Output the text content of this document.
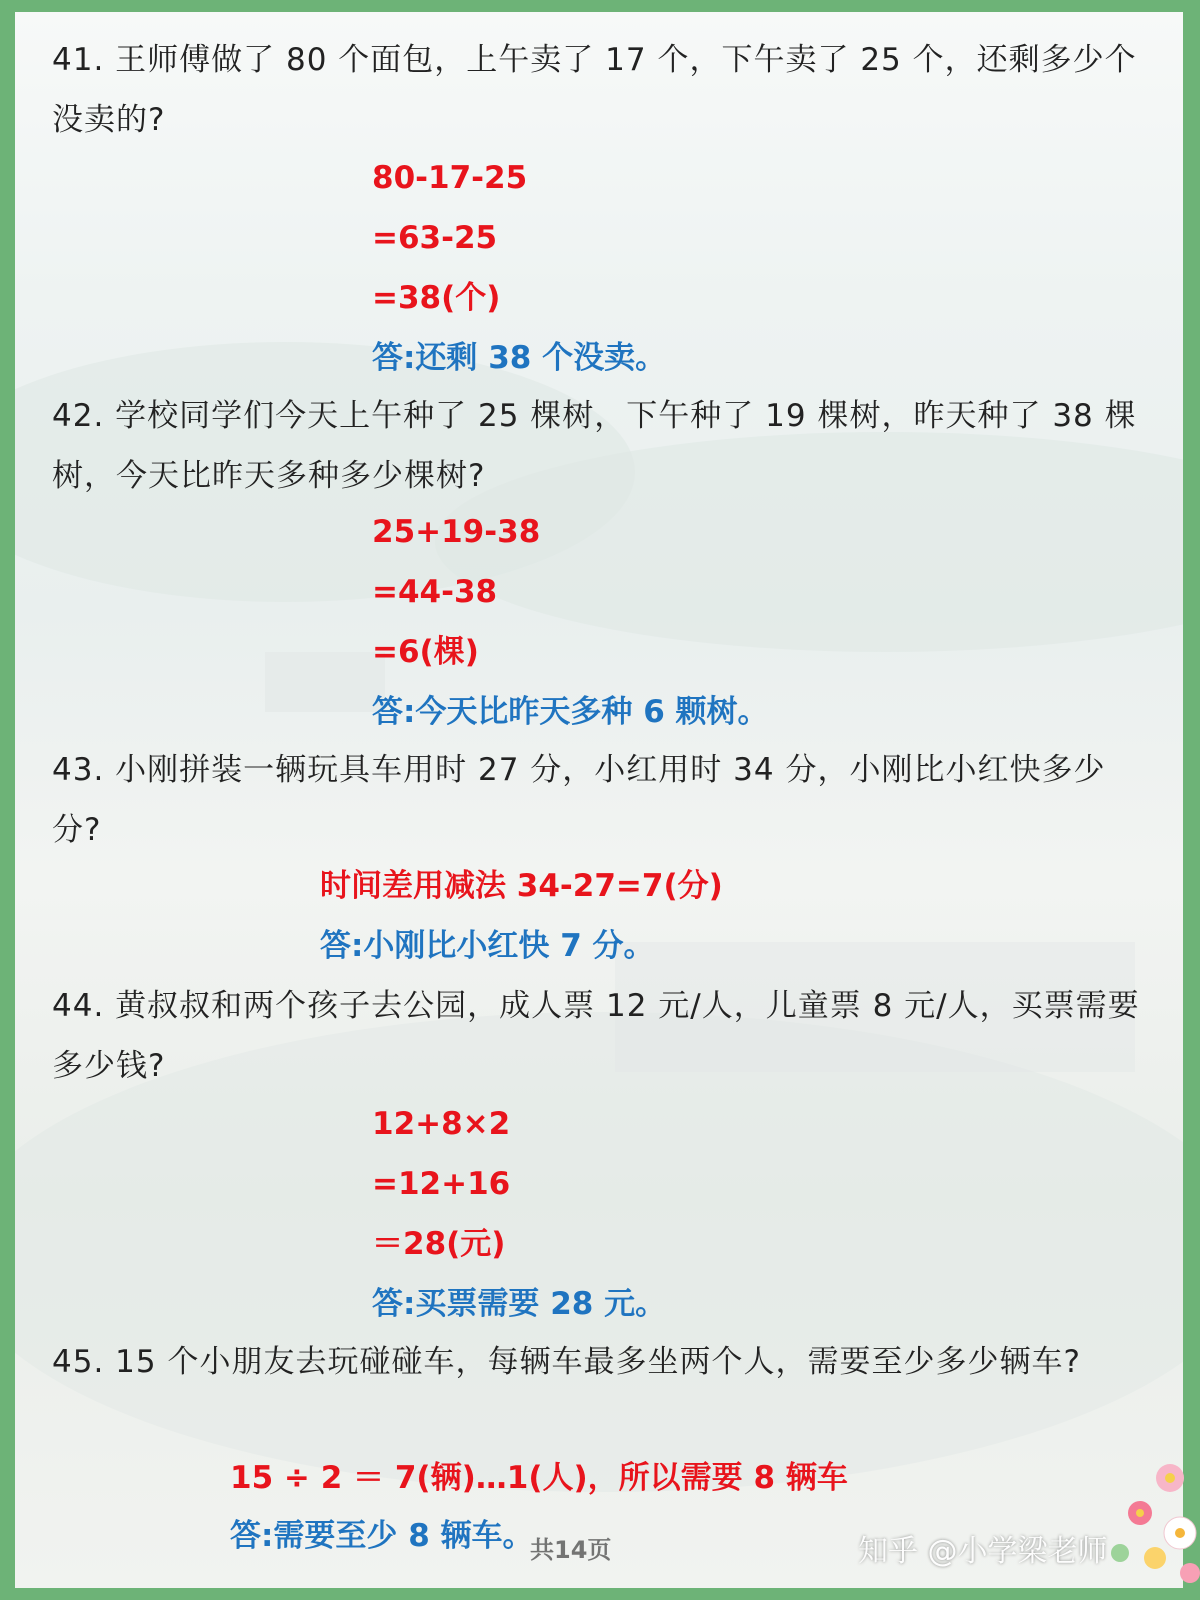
41. 王师傅做了 80 个面包，上午卖了 17 个，下午卖了 25 个，还剩多少个没卖的?
80-17-25
=63-25
=38(个)
答:还剩 38 个没卖。
42. 学校同学们今天上午种了 25 棵树，下午种了 19 棵树，昨天种了 38 棵树，今天比昨天多种多少棵树?
25+19-38
=44-38
=6(棵)
答:今天比昨天多种 6 颗树。
43. 小刚拼装一辆玩具车用时 27 分，小红用时 34 分，小刚比小红快多少分?
时间差用减法 34-27=7(分)
答:小刚比小红快 7 分。
44. 黄叔叔和两个孩子去公园，成人票 12 元/人，儿童票 8 元/人，买票需要多少钱?
12+8×2
=12+16
＝28(元)
答:买票需要 28 元。
45. 15 个小朋友去玩碰碰车，每辆车最多坐两个人，需要至少多少辆车?
15 ÷ 2 ＝ 7(辆)…1(人)，所以需要 8 辆车
答:需要至少 8 辆车。
共14页	知乎 @小学梁老师
